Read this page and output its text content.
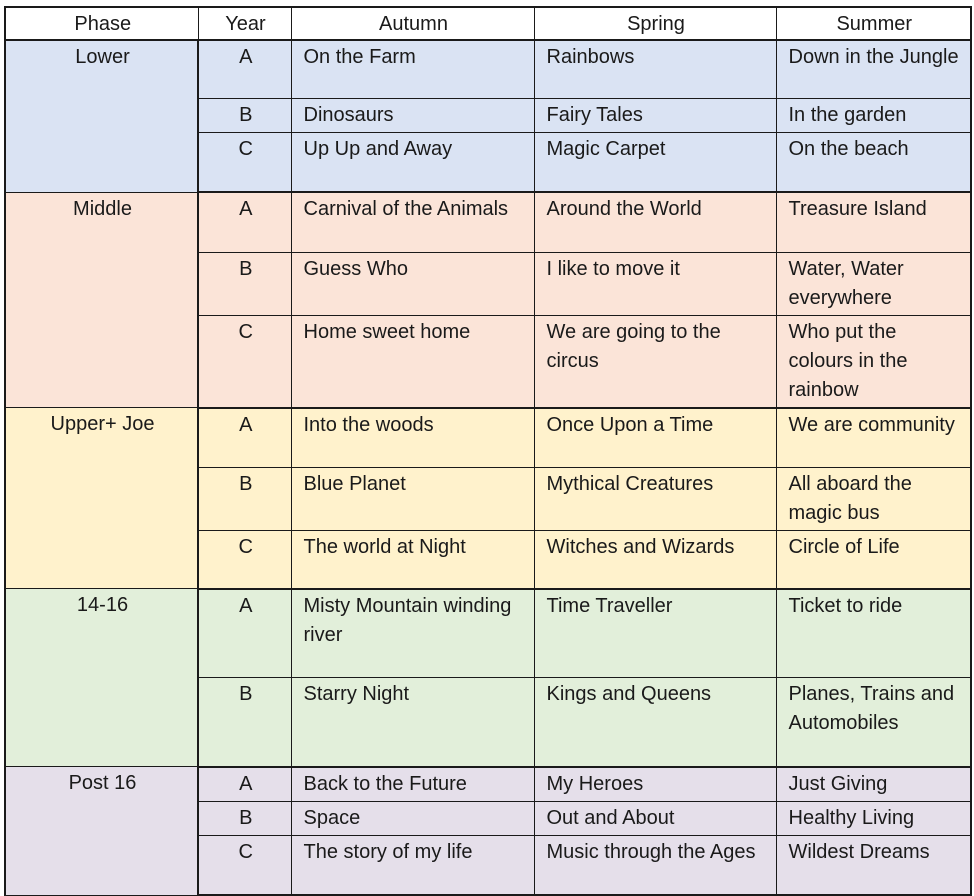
Phase	Year	Autumn	Spring	Summer
Lower	A	On the Farm	Rainbows	Down in the Jungle
	B	Dinosaurs	Fairy Tales	In the garden
	C	Up Up and Away	Magic Carpet	On the beach
Middle	A	Carnival of the Animals	Around the World	Treasure Island
	B	Guess Who	I like to move it	Water, Water everywhere
	C	Home sweet home	We are going to the circus	Who put the colours in the rainbow
Upper+ Joe	A	Into the woods	Once Upon a Time	We are community
	B	Blue Planet	Mythical Creatures	All aboard the magic bus
	C	The world at Night	Witches and Wizards	Circle of Life
14-16	A	Misty Mountain winding river	Time Traveller	Ticket to ride
	B	Starry Night	Kings and Queens	Planes, Trains and Automobiles
Post 16	A	Back to the Future	My Heroes	Just Giving
	B	Space	Out and About	Healthy Living
	C	The story of my life	Music through the Ages	Wildest Dreams
